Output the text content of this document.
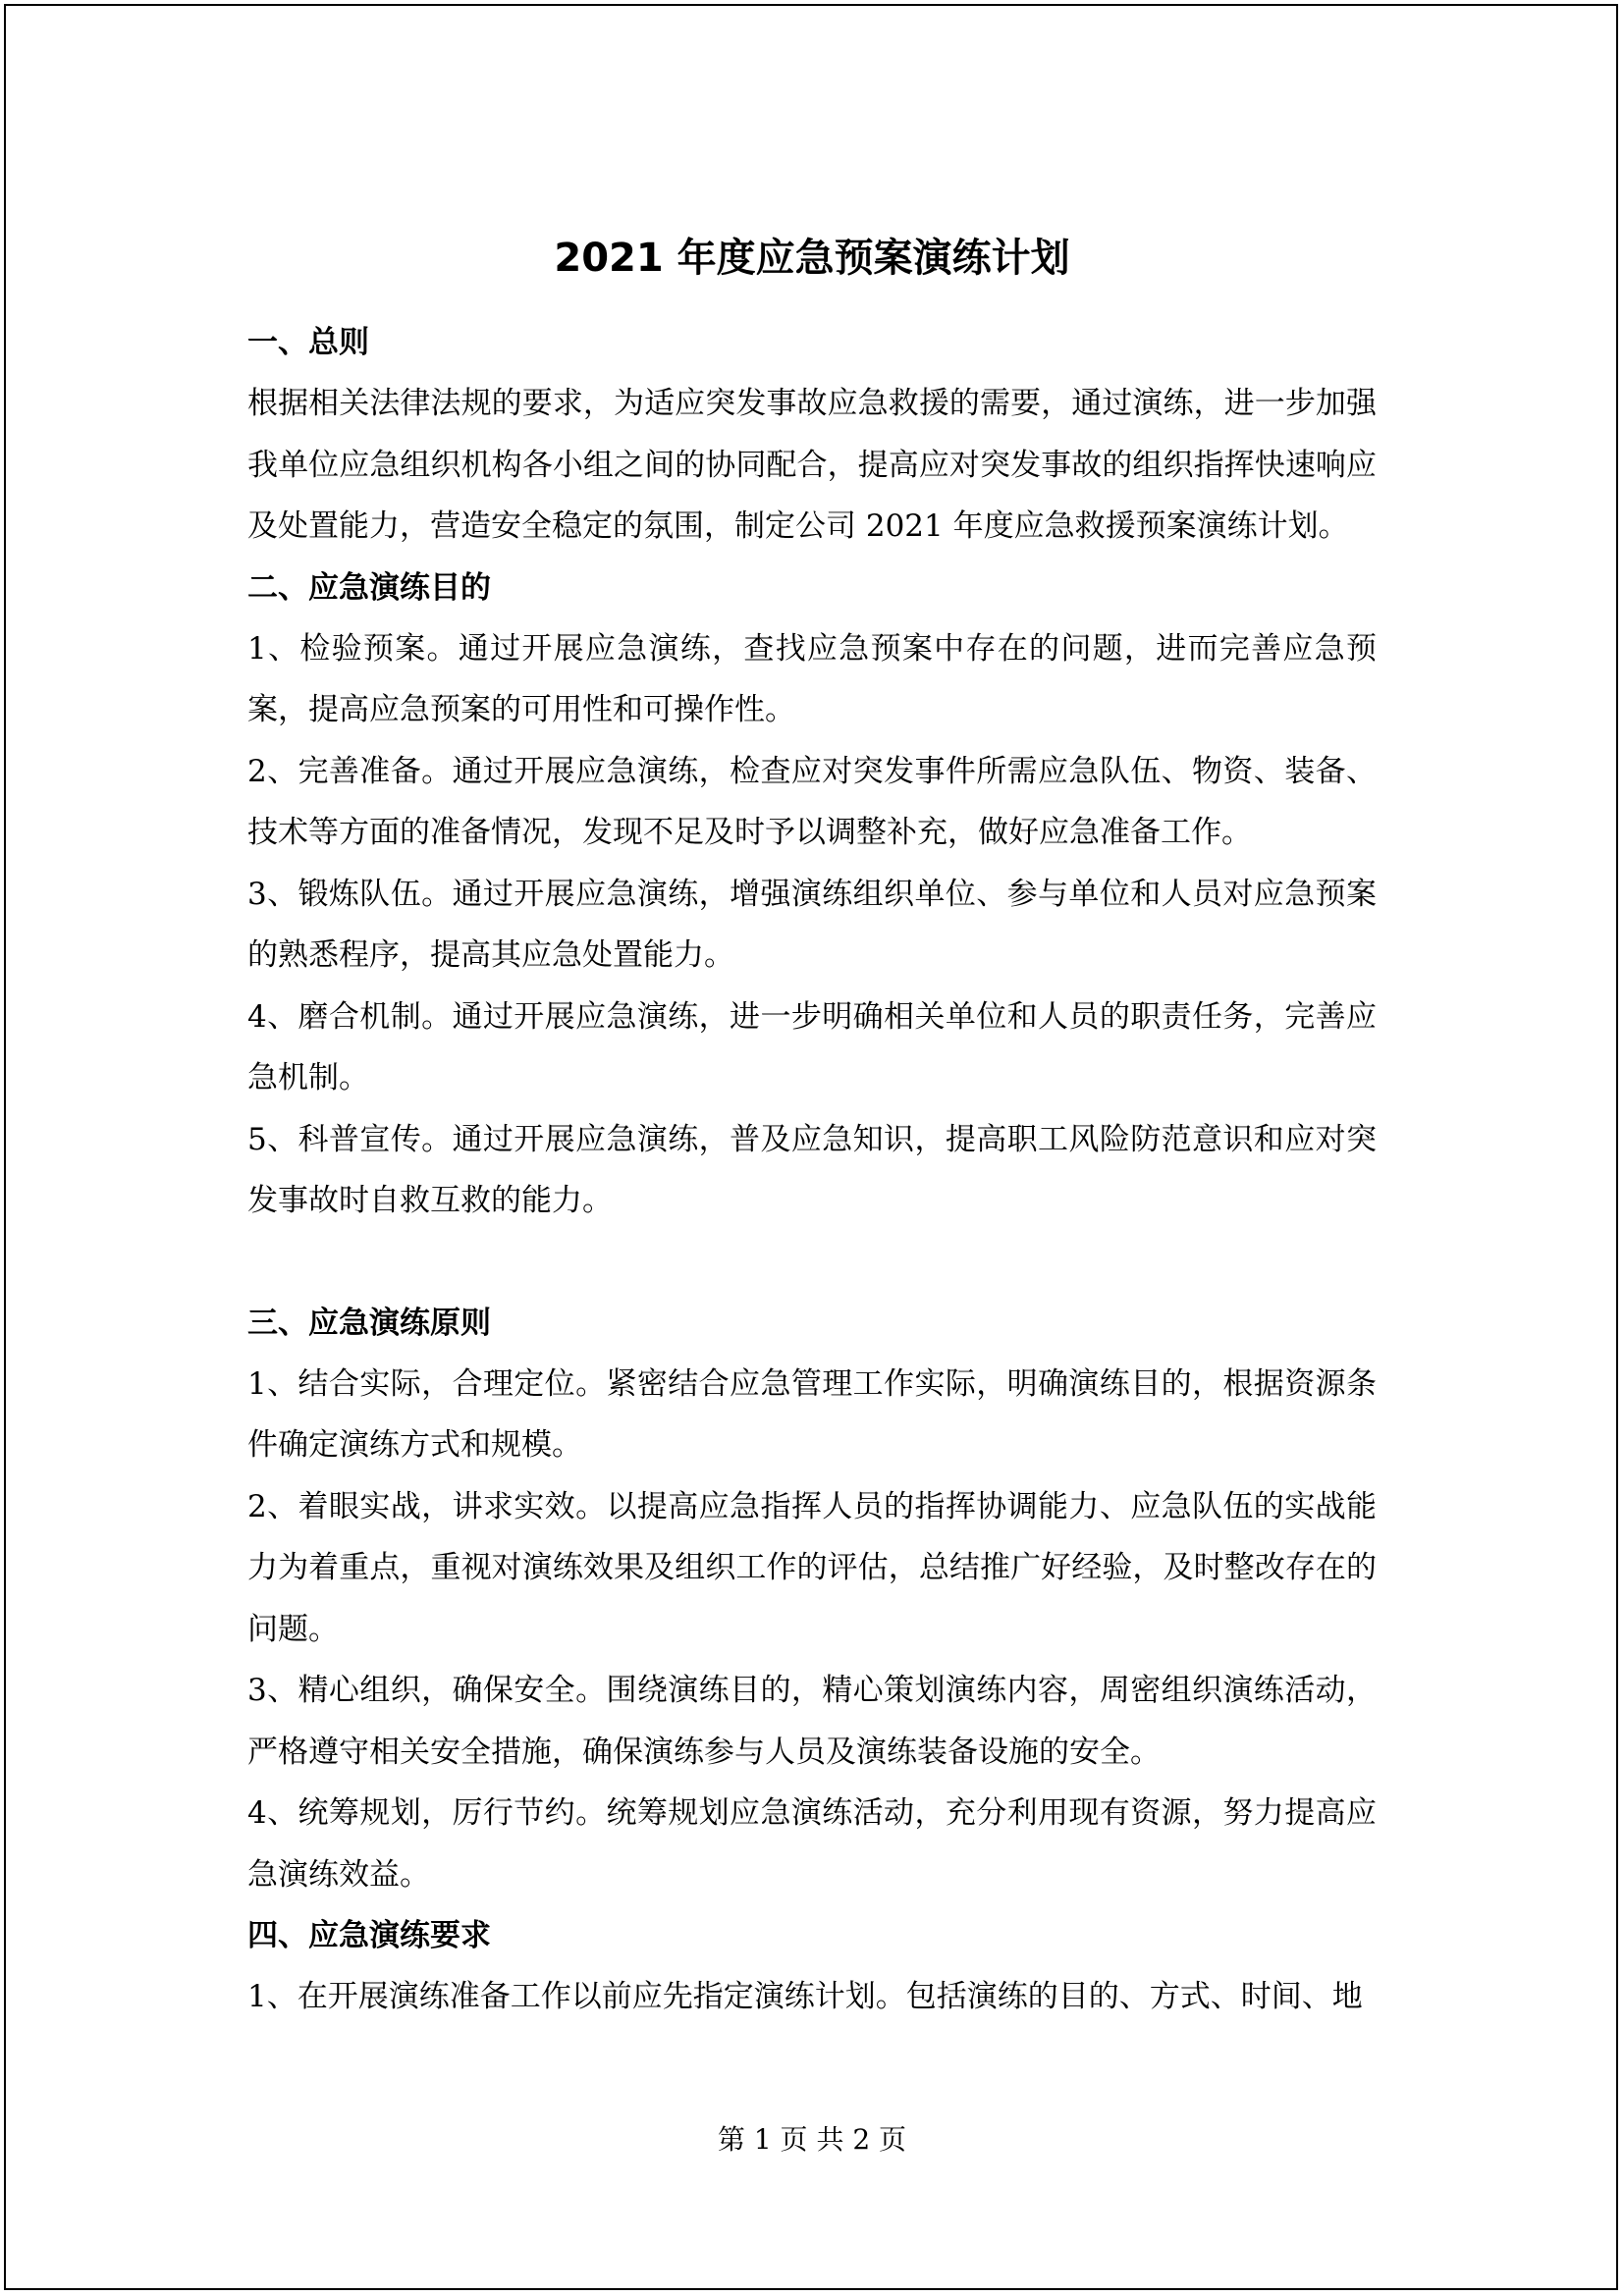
2021 年度应急预案演练计划
一、总则

根据相关法律法规的要求，为适应突发事故应急救援的需要，通过演练，进一步加强我单位应急组织机构各小组之间的协同配合，提高应对突发事故的组织指挥快速响应及处置能力，营造安全稳定的氛围，制定公司 2021 年度应急救援预案演练计划。

二、应急演练目的

1、检验预案。通过开展应急演练，查找应急预案中存在的问题，进而完善应急预案，提高应急预案的可用性和可操作性。

2、完善准备。通过开展应急演练，检查应对突发事件所需应急队伍、物资、装备、技术等方面的准备情况，发现不足及时予以调整补充，做好应急准备工作。

3、锻炼队伍。通过开展应急演练，增强演练组织单位、参与单位和人员对应急预案的熟悉程序，提高其应急处置能力。

4、磨合机制。通过开展应急演练，进一步明确相关单位和人员的职责任务，完善应急机制。

5、科普宣传。通过开展应急演练，普及应急知识，提高职工风险防范意识和应对突发事故时自救互救的能力。

三、应急演练原则

1、结合实际，合理定位。紧密结合应急管理工作实际，明确演练目的，根据资源条件确定演练方式和规模。

2、着眼实战，讲求实效。以提高应急指挥人员的指挥协调能力、应急队伍的实战能力为着重点，重视对演练效果及组织工作的评估，总结推广好经验，及时整改存在的问题。

3、精心组织，确保安全。围绕演练目的，精心策划演练内容，周密组织演练活动，严格遵守相关安全措施，确保演练参与人员及演练装备设施的安全。

4、统筹规划，厉行节约。统筹规划应急演练活动，充分利用现有资源，努力提高应急演练效益。

四、应急演练要求

1、在开展演练准备工作以前应先指定演练计划。包括演练的目的、方式、时间、地

第 1 页 共 2 页
